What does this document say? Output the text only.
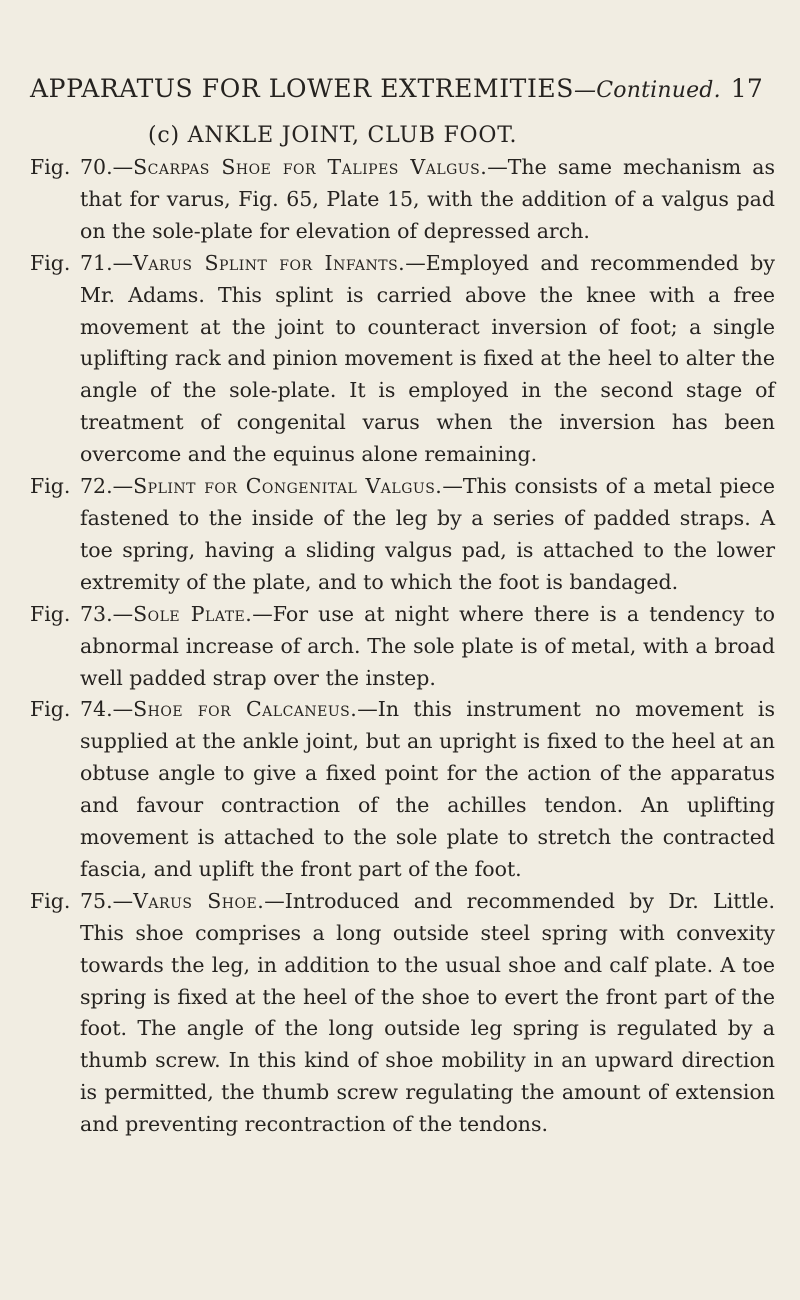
APPARATUS FOR LOWER EXTREMITIES—Continued. 17
(c) ANKLE JOINT, CLUB FOOT.
Fig. 70.—Scarpas Shoe for Talipes Valgus.—The same mechanism as that for varus, Fig. 65, Plate 15, with the addition of a valgus pad on the sole-plate for elevation of depressed arch.
Fig. 71.—Varus Splint for Infants.—Employed and recommended by Mr. Adams. This splint is carried above the knee with a free movement at the joint to counteract inversion of foot; a single uplifting rack and pinion movement is fixed at the heel to alter the angle of the sole-plate. It is employed in the second stage of treatment of congenital varus when the inversion has been overcome and the equinus alone remaining.
Fig. 72.—Splint for Congenital Valgus.—This consists of a metal piece fastened to the inside of the leg by a series of padded straps. A toe spring, having a sliding valgus pad, is attached to the lower extremity of the plate, and to which the foot is bandaged.
Fig. 73.—Sole Plate.—For use at night where there is a tendency to abnormal increase of arch. The sole plate is of metal, with a broad well padded strap over the instep.
Fig. 74.—Shoe for Calcaneus.—In this instrument no movement is supplied at the ankle joint, but an upright is fixed to the heel at an obtuse angle to give a fixed point for the action of the apparatus and favour contraction of the achilles tendon. An uplifting movement is attached to the sole plate to stretch the contracted fascia, and uplift the front part of the foot.
Fig. 75.—Varus Shoe.—Introduced and recommended by Dr. Little. This shoe comprises a long outside steel spring with convexity towards the leg, in addition to the usual shoe and calf plate. A toe spring is fixed at the heel of the shoe to evert the front part of the foot. The angle of the long outside leg spring is regulated by a thumb screw. In this kind of shoe mobility in an upward direction is permitted, the thumb screw regulating the amount of extension and preventing recontraction of the tendons.
